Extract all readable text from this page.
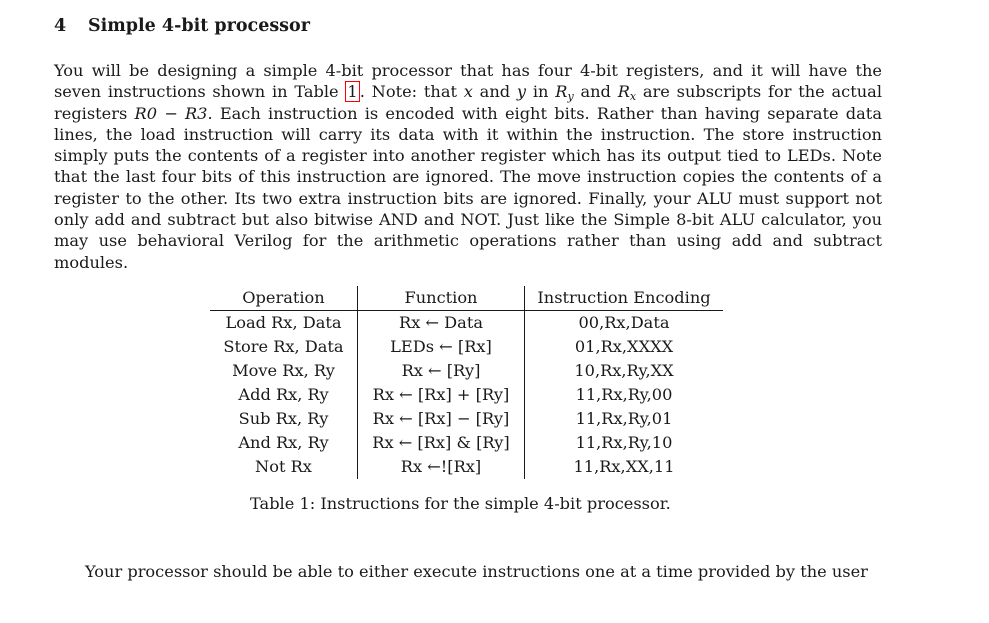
4 Simple 4-bit processor

You will be designing a simple 4-bit processor that has four 4-bit registers, and it will have the seven instructions shown in Table 1 . Note: that x and y in $R_y$ and $R_x$ are subscripts for the actual registers R0 − R3. Each instruction is encoded with eight bits. Rather than having separate data lines, the load instruction will carry its data with it within the instruction. The store instruction simply puts the contents of a register into another register which has its output tied to LEDs. Note that the last four bits of this instruction are ignored. The move instruction copies the contents of a register to the other. Its two extra instruction bits are ignored. Finally, your ALU must support not only add and subtract but also bitwise AND and NOT. Just like the Simple 8-bit ALU calculator, you may use behavioral Verilog for the arithmetic operations rather than using add and subtract modules.

Operation	Function	Instruction Encoding
Load Rx, Data	Rx ← Data	00,Rx,Data
Store Rx, Data	LEDs ← [Rx]	01,Rx,XXXX
Move Rx, Ry	Rx ← [Ry]	10,Rx,Ry,XX
Add Rx, Ry	Rx ← [Rx] + [Ry]	11,Rx,Ry,00
Sub Rx, Ry	Rx ← [Rx] − [Ry]	11,Rx,Ry,01
And Rx, Ry	Rx ← [Rx] & [Ry]	11,Rx,Ry,10
Not Rx	Rx ←![Rx]	11,Rx,XX,11

Table 1: Instructions for the simple 4-bit processor.

Your processor should be able to either execute instructions one at a time provided by the user
